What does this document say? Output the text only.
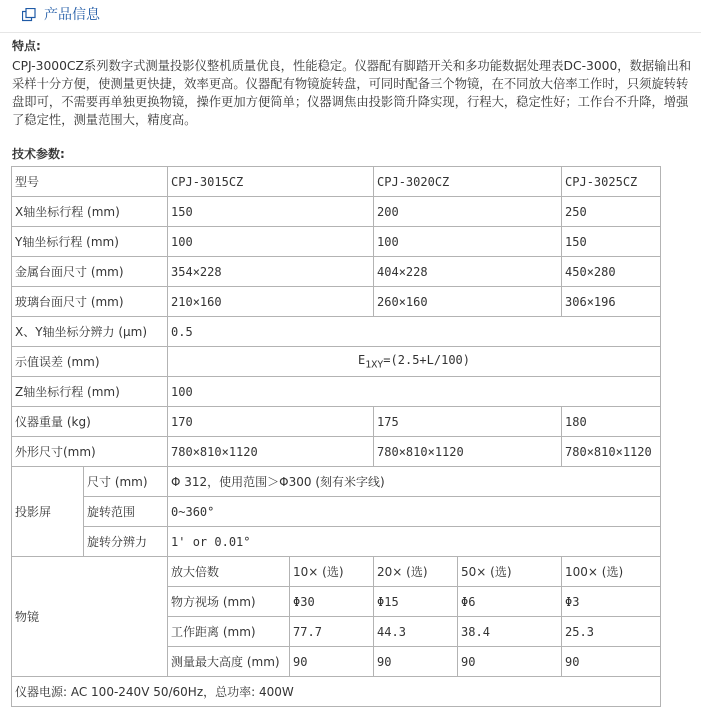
产品信息
特点:
CPJ-3000CZ系列数字式测量投影仪整机质量优良，性能稳定。仪器配有脚踏开关和多功能数据处理表DC-3000，数据输出和采样十分方便，使测量更快捷，效率更高。仪器配有物镜旋转盘，可同时配备三个物镜，在不同放大倍率工作时，只须旋转转盘即可，不需要再单独更换物镜，操作更加方便简单；仪器调焦由投影筒升降实现，行程大，稳定性好；工作台不升降，增强了稳定性，测量范围大，精度高。
技术参数:
型号		CPJ-3015CZ		CPJ-3020CZ		CPJ-3025CZ
X轴坐标行程 (mm)		150		200		250
Y轴坐标行程 (mm)		100		100		150
金属台面尺寸 (mm)		354×228		404×228		450×280
玻璃台面尺寸 (mm)		210×160		260×160		306×196
X、Y轴坐标分辨力 (μm)		0.5				
示值误差 (mm)		$E_{1XY}=(2.5+L/100)$				
Z轴坐标行程 (mm)		100				
仪器重量 (kg)		170		175		180
外形尺寸(mm)		780×810×1120		780×810×1120		780×810×1120
投影屏	尺寸 (mm)	Φ 312，使用范围＞Φ300 (刻有米字线)				
	旋转范围	0~360°				
	旋转分辨力	1' or 0.01°				
物镜		放大倍数	10× (选)	20× (选)	50× (选)	100× (选)
		物方视场 (mm)	Φ30	Φ15	Φ6	Φ3
		工作距离 (mm)	77.7	44.3	38.4	25.3
		测量最大高度 (mm)	90	90	90	90
仪器电源: AC 100-240V 50/60Hz，总功率: 400W						
